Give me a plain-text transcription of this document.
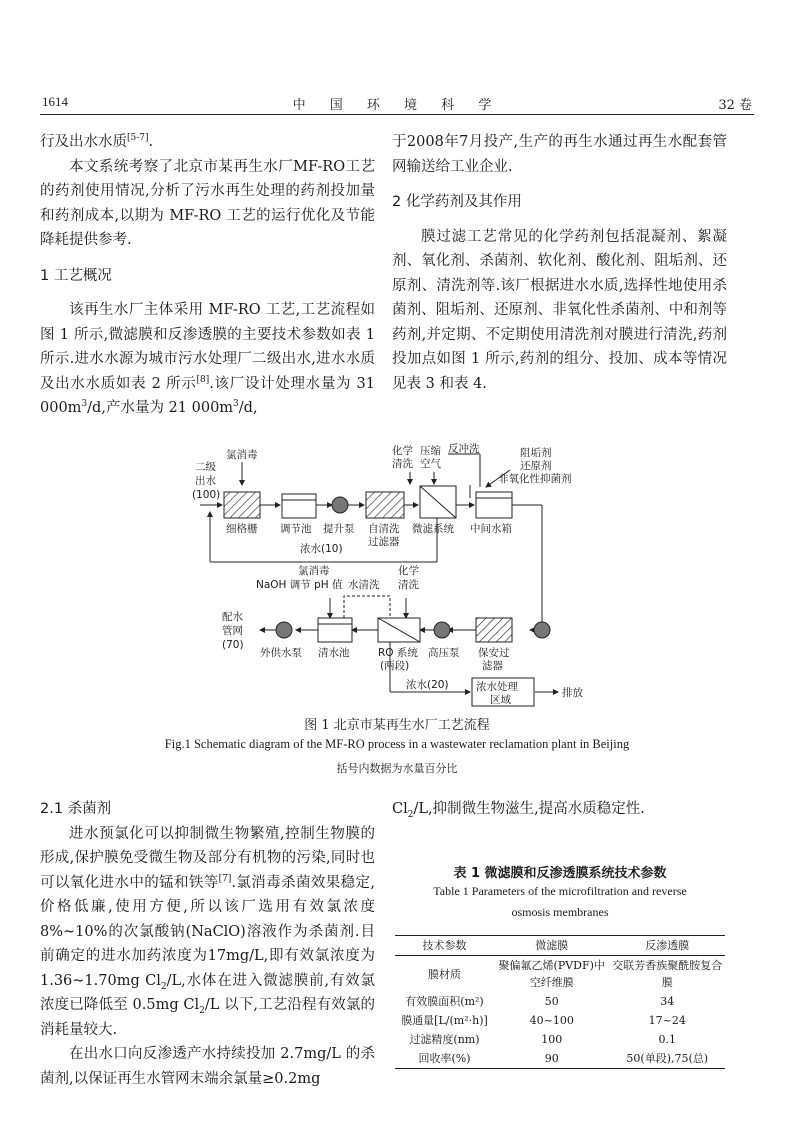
1614	中 国 环 境 科 学	32 卷

行及出水水质[5-7].

本文系统考察了北京市某再生水厂MF-RO工艺的药剂使用情况,分析了污水再生处理的药剂投加量和药剂成本,以期为 MF-RO 工艺的运行优化及节能降耗提供参考.

1 工艺概况

该再生水厂主体采用 MF-RO 工艺,工艺流程如图 1 所示,微滤膜和反渗透膜的主要技术参数如表 1 所示.进水水源为城市污水处理厂二级出水,进水水质及出水水质如表 2 所示[8].该厂设计处理水量为 31 $000m^3/d$,产水量为 21 $000m^3/d$,

于2008年7月投产,生产的再生水通过再生水配套管网输送给工业企业.

2 化学药剂及其作用

膜过滤工艺常见的化学药剂包括混凝剂、絮凝剂、氧化剂、杀菌剂、软化剂、酸化剂、阻垢剂、还原剂、清洗剂等.该厂根据进水水质,选择性地使用杀菌剂、阻垢剂、还原剂、非氧化性杀菌剂、中和剂等药剂,并定期、不定期使用清洗剂对膜进行清洗,药剂投加点如图 1 所示,药剂的组分、投加、成本等情况见表 3 和表 4.

二级
出水
(100)
氯消毒
细格栅 调节池 提升泵 自清洗
过滤器
微滤系统 中间水箱
化学
清洗
压缩
空气
反冲洗	阻垢剂
还原剂
非氧化性抑菌剂
浓水(10)
氯消毒
NaOH 调节 pH 值 水清洗
化学
清洗
配水
管网
(70)
外供水泵 清水池	RO 系统
(两段)
高压泵 保安过
滤器
浓水(20)	浓水处理
区域
排放
图 1 北京市某再生水厂工艺流程
Fig.1 Schematic diagram of the MF-RO process in a wastewater reclamation plant in Beijing
括号内数据为水量百分比

2.1 杀菌剂

进水预氯化可以抑制微生物繁殖,控制生物膜的形成,保护膜免受微生物及部分有机物的污染,同时也可以氧化进水中的锰和铁等[7].氯消毒杀菌效果稳定,价格低廉,使用方便,所以该厂选用有效氯浓度 8%~10%的次氯酸钠(NaClO)溶液作为杀菌剂.目前确定的进水加药浓度为17mg/L,即有效氯浓度为 1.36~1.70mg $Cl_2/L$,水体在进入微滤膜前,有效氯浓度已降低至 0.5mg $Cl_2/L$ 以下,工艺沿程有效氯的消耗量较大.

在出水口向反渗透产水持续投加 2.7mg/L 的杀菌剂,以保证再生水管网末端余氯量≥0.2mg

$Cl_2/L$,抑制微生物滋生,提高水质稳定性.

表 1 微滤膜和反渗透膜系统技术参数
Table 1 Parameters of the microfiltration and reverse
osmosis membranes
技术参数	微滤膜	反渗透膜
膜材质	聚偏氟乙烯(PVDF)中空纤维膜	交联芳香族聚酰胺复合膜
有效膜面积(m²)	50	34
膜通量[L/(m²·h)]	40~100	17~24
过滤精度(nm)	100	0.1
回收率(%)	90	50(单段),75(总)
